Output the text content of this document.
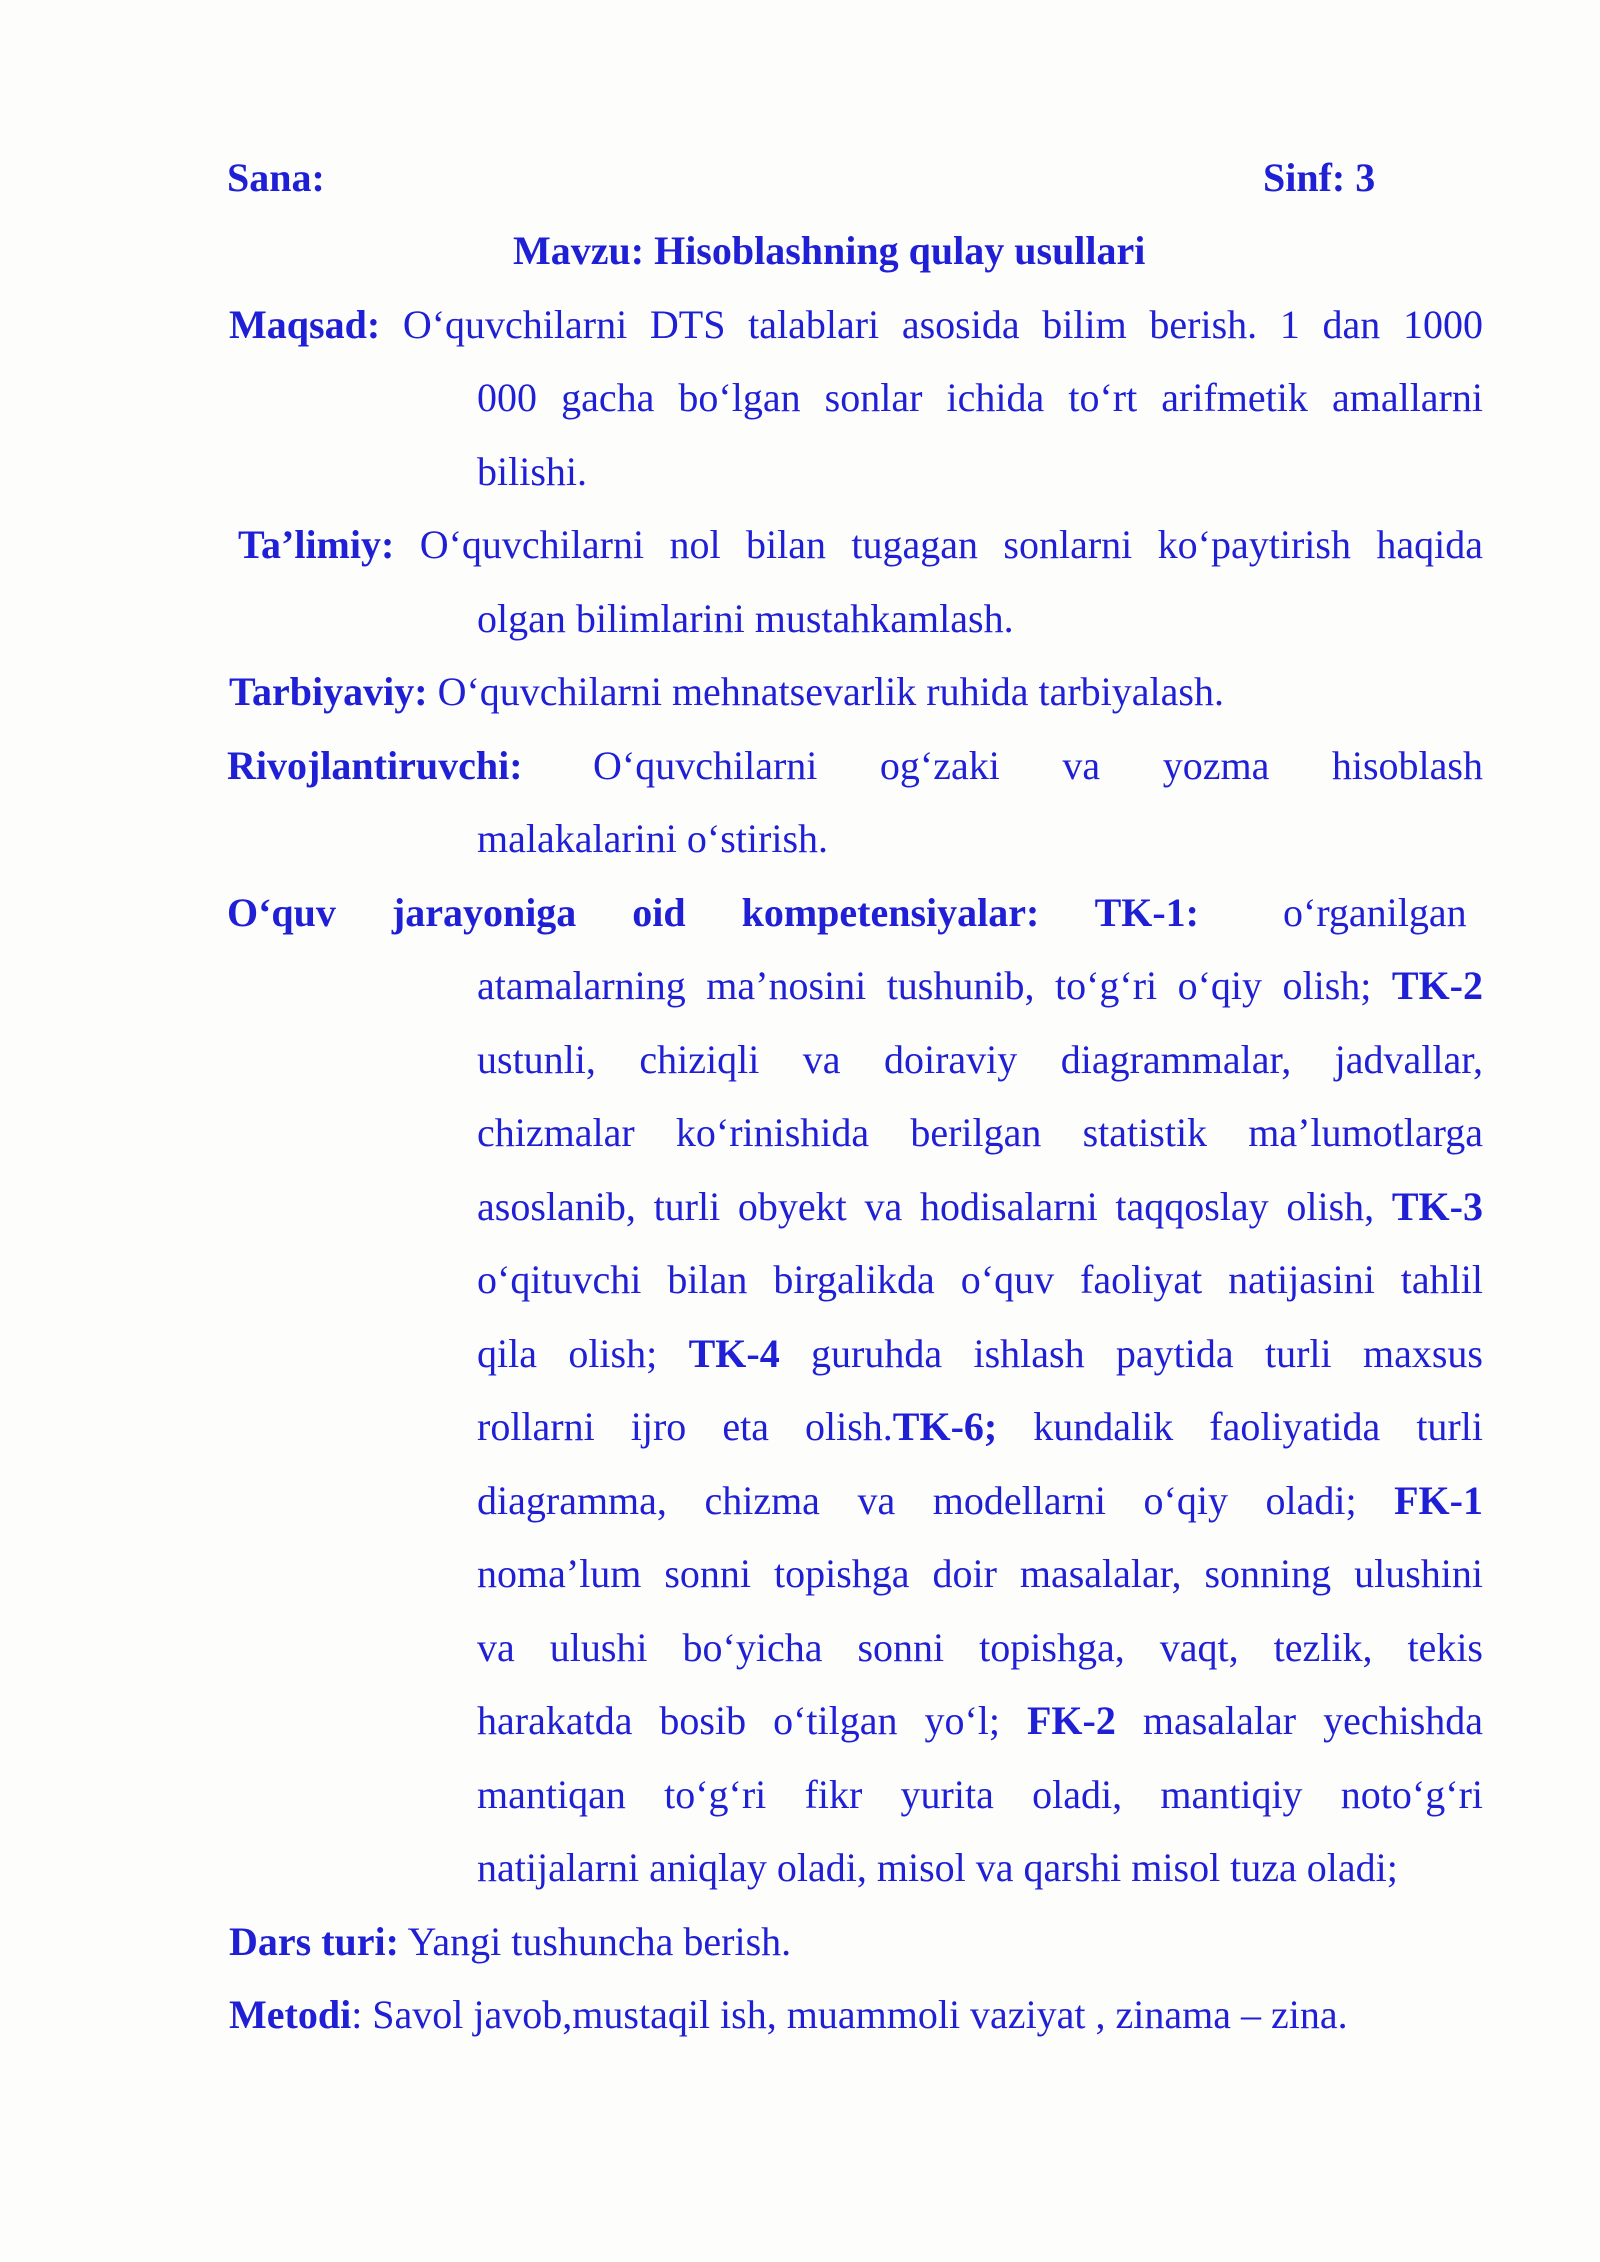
Sana:	Sinf: 3
Mavzu: Hisoblashning qulay usullari
Maqsad: O‘quvchilarni DTS talablari asosida bilim berish. 1 dan 1000
000 gacha bo‘lgan sonlar ichida to‘rt arifmetik amallarni
bilishi.
Ta’limiy: O‘quvchilarni nol bilan tugagan sonlarni ko‘paytirish haqida
olgan bilimlarini mustahkamlash.
Tarbiyaviy: O‘quvchilarni mehnatsevarlik ruhida tarbiyalash.
Rivojlantiruvchi: O‘quvchilarni og‘zaki va yozma hisoblash
malakalarini o‘stirish.
O‘quv jarayoniga oid kompetensiyalar: TK-1: o‘rganilgan
atamalarning ma’nosini tushunib, to‘g‘ri o‘qiy olish; TK-2
ustunli, chiziqli va doiraviy diagrammalar, jadvallar,
chizmalar ko‘rinishida berilgan statistik ma’lumotlarga
asoslanib, turli obyekt va hodisalarni taqqoslay olish, TK-3
o‘qituvchi bilan birgalikda o‘quv faoliyat natijasini tahlil
qila olish; TK-4 guruhda ishlash paytida turli maxsus
rollarni ijro eta olish.TK-6; kundalik faoliyatida turli
diagramma, chizma va modellarni o‘qiy oladi; FK-1
noma’lum sonni topishga doir masalalar, sonning ulushini
va ulushi bo‘yicha sonni topishga, vaqt, tezlik, tekis
harakatda bosib o‘tilgan yo‘l; FK-2 masalalar yechishda
mantiqan to‘g‘ri fikr yurita oladi, mantiqiy noto‘g‘ri
natijalarni aniqlay oladi, misol va qarshi misol tuza oladi;
Dars turi: Yangi tushuncha berish.
Metodi: Savol javob,mustaqil ish, muammoli vaziyat , zinama – zina.
